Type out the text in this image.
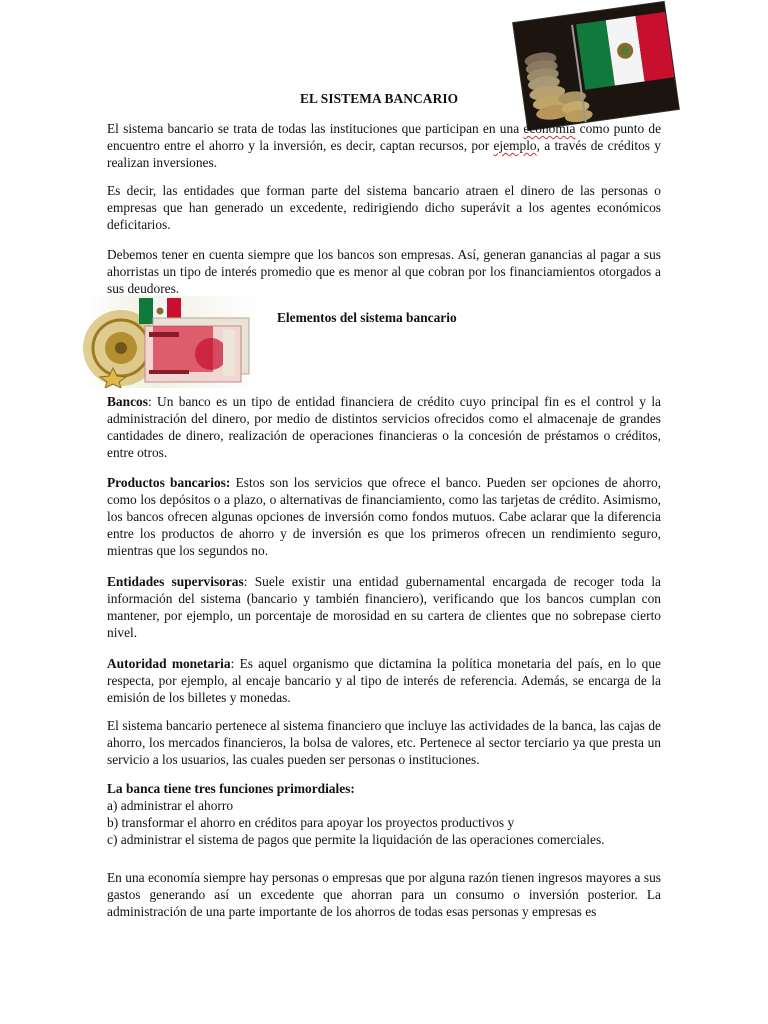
EL SISTEMA BANCARIO

El sistema bancario se trata de todas las instituciones que participan en una economía como punto de encuentro entre el ahorro y la inversión, es decir, captan recursos, por ejemplo, a través de créditos y realizan inversiones.

Es decir, las entidades que forman parte del sistema bancario atraen el dinero de las personas o empresas que han generado un excedente, redirigiendo dicho superávit a los agentes económicos deficitarios.

Debemos tener en cuenta siempre que los bancos son empresas. Así, generan ganancias al pagar a sus ahorristas un tipo de interés promedio que es menor al que cobran por los financiamientos otorgados a sus deudores.

Elementos del sistema bancario

Bancos: Un banco es un tipo de entidad financiera de crédito cuyo principal fin es el control y la administración del dinero, por medio de distintos servicios ofrecidos como el almacenaje de grandes cantidades de dinero, realización de operaciones financieras o la concesión de préstamos o créditos, entre otros.

Productos bancarios: Estos son los servicios que ofrece el banco. Pueden ser opciones de ahorro, como los depósitos o a plazo, o alternativas de financiamiento, como las tarjetas de crédito. Asimismo, los bancos ofrecen algunas opciones de inversión como fondos mutuos. Cabe aclarar que la diferencia entre los productos de ahorro y de inversión es que los primeros ofrecen un rendimiento seguro, mientras que los segundos no.

Entidades supervisoras: Suele existir una entidad gubernamental encargada de recoger toda la información del sistema (bancario y también financiero), verificando que los bancos cumplan con mantener, por ejemplo, un porcentaje de morosidad en su cartera de clientes que no sobrepase cierto nivel.

Autoridad monetaria: Es aquel organismo que dictamina la política monetaria del país, en lo que respecta, por ejemplo, al encaje bancario y al tipo de interés de referencia. Además, se encarga de la emisión de los billetes y monedas.

El sistema bancario pertenece al sistema financiero que incluye las actividades de la banca, las cajas de ahorro, los mercados financieros, la bolsa de valores, etc. Pertenece al sector terciario ya que presta un servicio a los usuarios, las cuales pueden ser personas o instituciones.

La banca tiene tres funciones primordiales:
a) administrar el ahorro
b) transformar el ahorro en créditos para apoyar los proyectos productivos y
c) administrar el sistema de pagos que permite la liquidación de las operaciones comerciales.

En una economía siempre hay personas o empresas que por alguna razón tienen ingresos mayores a sus gastos generando así un excedente que ahorran para un consumo o inversión posterior. La administración de una parte importante de los ahorros de todas esas personas y empresas es
